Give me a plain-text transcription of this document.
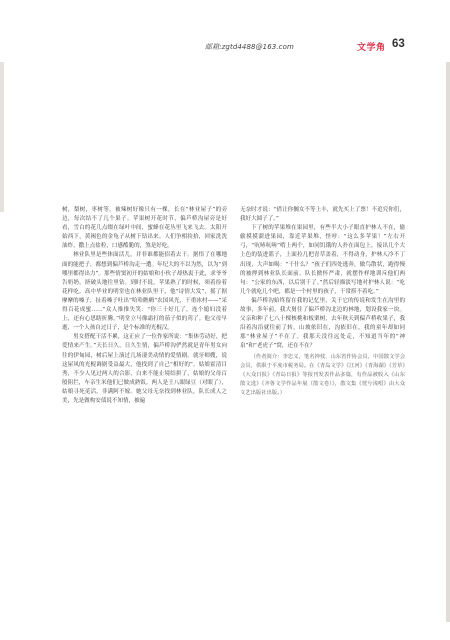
邮箱:zgtd4488@163.com	文学角 63

树，梨树，枣树等。被辣树好像只有一棵，长在“林业屋子”的旁边，每次结不了几个果子。苹果树开花时节，偏芦桥沟屋旁是好看，雪白的花儿点缀在绿叶中间，蜜蜂在花丛里飞来飞去。太阳开始西下，黄褐色的金龟子从树下钻出来。人们争相捡拾，回家洗洗油炸，撒上点盐粒，口感酷脆的，煞是好吃。

林业队里是些体面活儿，并非谁都能招着去干。据悟了在哪地面的能把子，都想到偏芦桥沟走一遭。年纪大的不以为然，以为“到哪里都得出力”。那些情窦初开的姑娘和小伙子却热衷于此，求爷爷告奶奶，挤破头地往里钻。到时不说，苹果熟了的时候，须着捡着花样吃。高中毕业的明堂也在林业队里干，他“诗情大发”，摇了据摩摩的嗓子，扯着嗓子吐出“哈哈瞧嗨”农国风光，干重冰村——“采得百花成蜜……”众人推推失笑：“你三十好几了，连个媳妇没着上，还有心思瞎折腾。”明堂立马像霜打的茄子似的蔫了。他父母早逝，一个人孩自过日子，是个标准的光棍汉。

男女搭配干活不累，这正应了一位作家所说：“集体劳动好，把爱情来产生。”天长日久，日久生情，偏芦桥沟俨然就是青年男女向往的伊甸园，树后屋上演过几场凄美动情的爱情剧。就牙师嫂，说这屋风的光棍调剧受益最大，他找到了自己“相好的”。姑娘霍清目秀，不少人见过两人的合影，白来不能止境结拼了，姑娘的父母百般阻拦，车亲生米他们已做成熟饭。两人是王八眼绿豆（对眼了），姑娘寻死觅活，非满阿不嫁。她父母无奈找到林业队，队长成人之美，先是做构安债说不知情，被遍

无奈时才说：“借让你搁女不等上丰，就先买上了票！不追究你们，我好大圆子了。”

下了树的苹果堆在果园里，有些半大小子眼直护林人不在，偷偷摸摸溜进果园，靠近苹果堆，怪呼：“这么多苹果！”左右开弓，“吭哧吭哧”啃上两个，如同饥饿的人扑在面包上，接出几个大上色的装进篮子，上面拉几把青草盖着，不得动身，护林人冷不丁出现，大声如喝：“干什么？”孩子们四处逃奔，做鸟散状，跑得慢的被押到林业队长面前。队长掀怀严肃，就摆作样地训斥他们两句：“公家的东西，以后别干了。”然后轻描淡写地对护林人说：“吃几个就吃几个吧，都是一个村里的孩子，干常捞不着吃。”

偏芦桥沟始终留在我的记忆里，关于它的传说和发生在沟里的故事，多年前，我大舅住了偏芦桥沟北边的林地，划设我家一块。父亲和种了七八十棵核桃和板栗树，去年秋天到偏芦桥收果子，我沿着沟沿就往前了转，山坡依旧在，沟依旧在，我的童年却如同那“林业屋子”不在了。我那天没往远处走，不知道当年的“神泉”和“老虎子”窝，还在不在？

（作者简介：李忠义，笔名钟枝，山东省作协会员，中国散文学会会员，供职于平度市税务局。在《青岛文学》《江河》《青海湖》《芳草》《大众日报》《青岛日报》等报刊发表作品多篇，有作品被收入《山东散文选》《齐鲁文学作品年展（散文卷）》，散文集《恍兮浅唱》由大众文艺出版社出版。）
